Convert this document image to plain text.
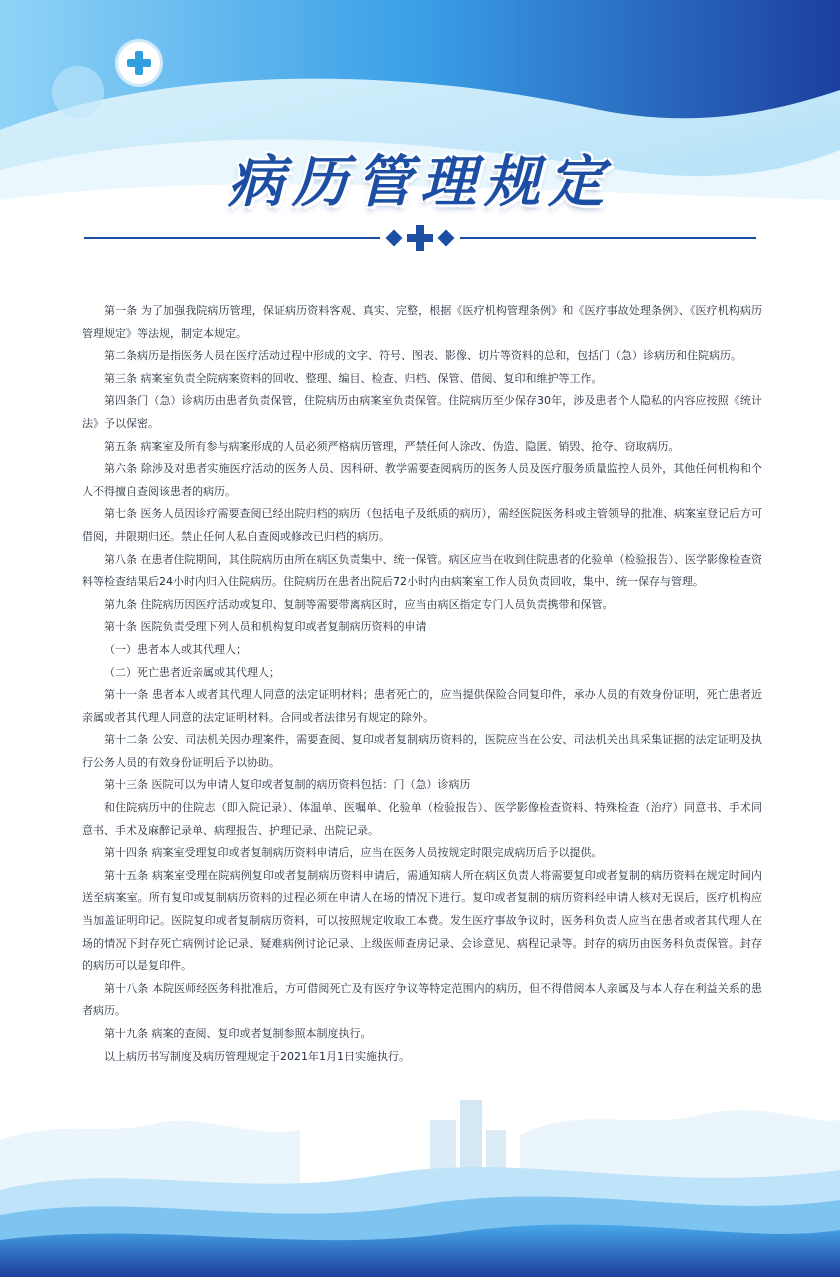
病历管理规定

第一条 为了加强我院病历管理，保证病历资料客观、真实、完整，根据《医疗机构管理条例》和《医疗事故处理条例》、《医疗机构病历管理规定》等法规，制定本规定。

第二条病历是指医务人员在医疗活动过程中形成的文字、符号、图表、影像、切片等资料的总和，包括门（急）诊病历和住院病历。

第三条 病案室负责全院病案资料的回收、整理、编目、检查、归档、保管、借阅、复印和维护等工作。

第四条门（急）诊病历由患者负责保管，住院病历由病案室负责保管。住院病历至少保存30年，涉及患者个人隐私的内容应按照《统计法》予以保密。

第五条 病案室及所有参与病案形成的人员必须严格病历管理，严禁任何人涂改、伪造、隐匿、销毁、抢夺、窃取病历。

第六条 除涉及对患者实施医疗活动的医务人员、因科研、教学需要查阅病历的医务人员及医疗服务质量监控人员外，其他任何机构和个人不得擅自查阅该患者的病历。

第七条 医务人员因诊疗需要查阅已经出院归档的病历（包括电子及纸质的病历），需经医院医务科或主管领导的批准、病案室登记后方可借阅，并限期归还。禁止任何人私自查阅或修改已归档的病历。

第八条 在患者住院期间，其住院病历由所在病区负责集中、统一保管。病区应当在收到住院患者的化验单（检验报告）、医学影像检查资料等检查结果后24小时内归入住院病历。住院病历在患者出院后72小时内由病案室工作人员负责回收，集中、统一保存与管理。

第九条 住院病历因医疗活动或复印、复制等需要带离病区时，应当由病区指定专门人员负责携带和保管。

第十条 医院负责受理下列人员和机构复印或者复制病历资料的申请

（一）患者本人或其代理人；

（二）死亡患者近亲属或其代理人；

第十一条 患者本人或者其代理人同意的法定证明材料；患者死亡的，应当提供保险合同复印件，承办人员的有效身份证明，死亡患者近亲属或者其代理人同意的法定证明材料。合同或者法律另有规定的除外。

第十二条 公安、司法机关因办理案件，需要查阅、复印或者复制病历资料的，医院应当在公安、司法机关出具采集证据的法定证明及执行公务人员的有效身份证明后予以协助。

第十三条 医院可以为申请人复印或者复制的病历资料包括：门（急）诊病历

和住院病历中的住院志（即入院记录）、体温单、医嘱单、化验单（检验报告）、医学影像检查资料、特殊检查（治疗）同意书、手术同意书、手术及麻醉记录单、病理报告、护理记录、出院记录。

第十四条 病案室受理复印或者复制病历资料申请后，应当在医务人员按规定时限完成病历后予以提供。

第十五条 病案室受理在院病例复印或者复制病历资料申请后，需通知病人所在病区负责人将需要复印或者复制的病历资料在规定时间内送至病案室。所有复印或复制病历资料的过程必须在申请人在场的情况下进行。复印或者复制的病历资料经申请人核对无误后，医疗机构应当加盖证明印记。医院复印或者复制病历资料，可以按照规定收取工本费。发生医疗事故争议时，医务科负责人应当在患者或者其代理人在场的情况下封存死亡病例讨论记录、疑难病例讨论记录、上级医师查房记录、会诊意见、病程记录等。封存的病历由医务科负责保管。封存的病历可以是复印件。

第十八条 本院医师经医务科批准后，方可借阅死亡及有医疗争议等特定范围内的病历，但不得借阅本人亲属及与本人存在利益关系的患者病历。

第十九条 病案的查阅、复印或者复制参照本制度执行。

以上病历书写制度及病历管理规定于2021年1月1日实施执行。
